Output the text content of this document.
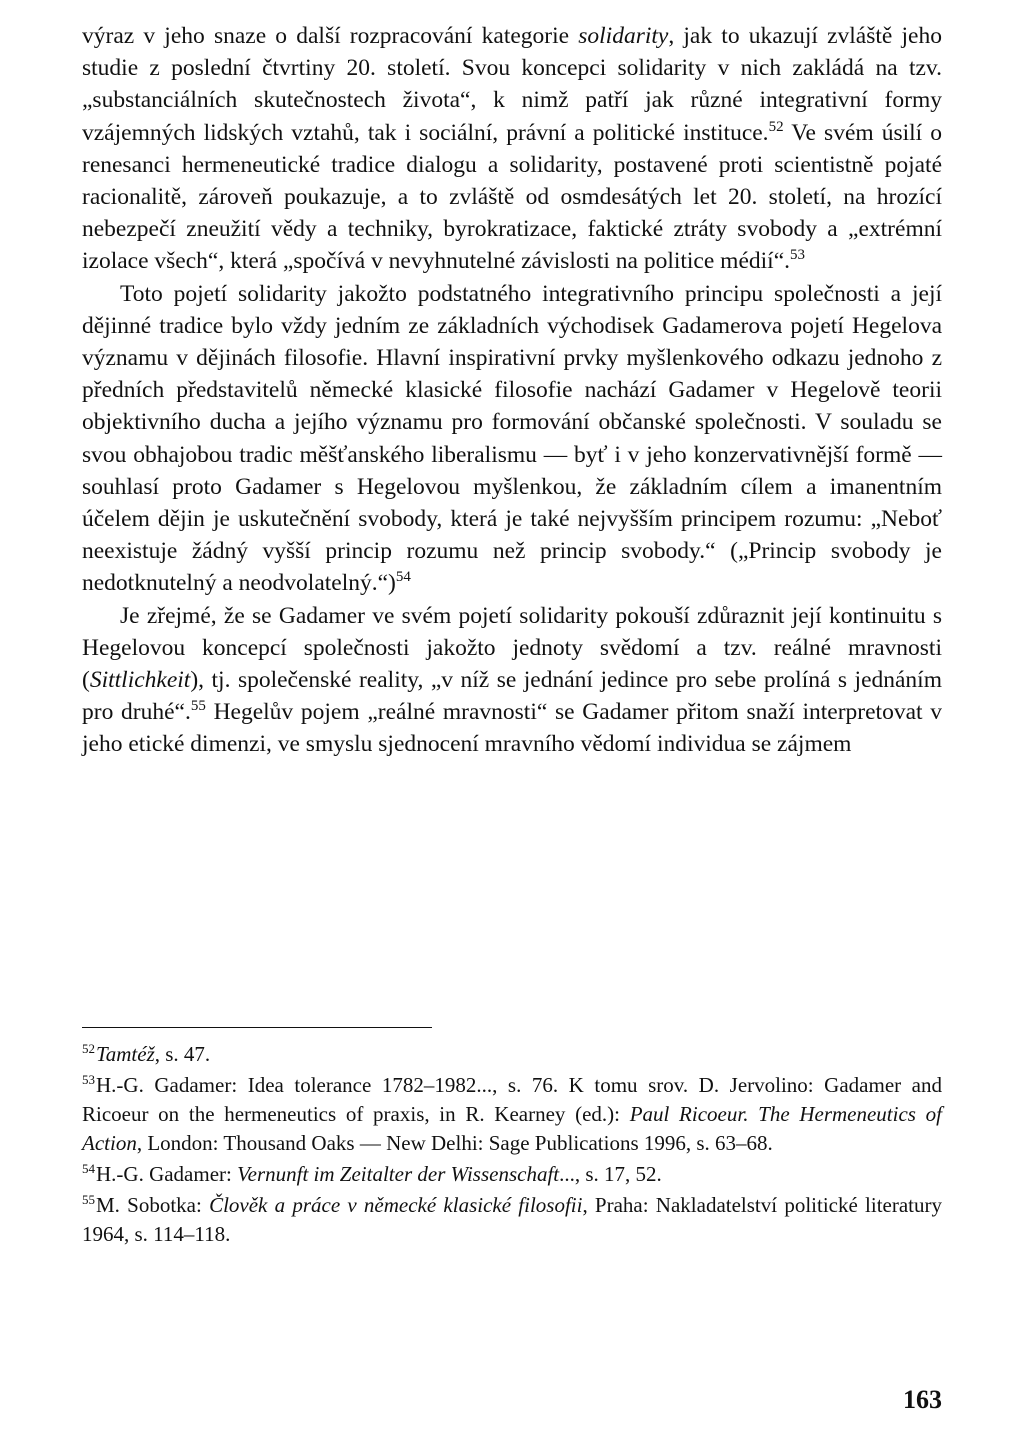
výraz v jeho snaze o další rozpracování kategorie solidarity, jak to ukazují zvláště jeho studie z poslední čtvrtiny 20. století. Svou koncepci solidarity v nich zakládá na tzv. „substanciálních skutečnostech života“, k nimž patří jak různé integrativní formy vzájemných lidských vztahů, tak i sociální, právní a politické instituce.$^{52}$ Ve svém úsilí o renesanci hermeneutické tradice dialogu a solidarity, postavené proti scientistně pojaté racionalitě, zároveň poukazuje, a to zvláště od osmdesátých let 20. století, na hrozící nebezpečí zneužití vědy a techniky, byrokratizace, faktické ztráty svobody a „extrémní izolace všech“, která „spočívá v nevyhnutelné závislosti na politice médií“.$^{53}$

Toto pojetí solidarity jakožto podstatného integrativního principu společnosti a její dějinné tradice bylo vždy jedním ze základních východisek Gadamerova pojetí Hegelova významu v dějinách filosofie. Hlavní inspirativní prvky myšlenkového odkazu jednoho z předních představitelů německé klasické filosofie nachází Gadamer v Hegelově teorii objektivního ducha a jejího významu pro formování občanské společnosti. V souladu se svou obhajobou tradic měšťanského liberalismu — byť i v jeho konzervativnější formě — souhlasí proto Gadamer s Hegelovou myšlenkou, že základním cílem a imanentním účelem dějin je uskutečnění svobody, která je také nejvyšším principem rozumu: „Neboť neexistuje žádný vyšší princip rozumu než princip svobody.“ („Princip svobody je nedotknutelný a neodvolatelný.“)$^{54}$

Je zřejmé, že se Gadamer ve svém pojetí solidarity pokouší zdůraznit její kontinuitu s Hegelovou koncepcí společnosti jakožto jednoty svědomí a tzv. reálné mravnosti (Sittlichkeit), tj. společenské reality, „v níž se jednání jedince pro sebe prolíná s jednáním pro druhé“.$^{55}$ Hegelův pojem „reálné mravnosti“ se Gadamer přitom snaží interpretovat v jeho etické dimenzi, ve smyslu sjednocení mravního vědomí individua se zájmem

$^{52}$Tamtéž, s. 47.

$^{53}$H.-G. Gadamer: Idea tolerance 1782–1982..., s. 76. K tomu srov. D. Jervolino: Gadamer and Ricoeur on the hermeneutics of praxis, in R. Kearney (ed.): Paul Ricoeur. The Hermeneutics of Action, London: Thousand Oaks — New Delhi: Sage Publications 1996, s. 63–68.

$^{54}$H.-G. Gadamer: Vernunft im Zeitalter der Wissenschaft..., s. 17, 52.

$^{55}$M. Sobotka: Člověk a práce v německé klasické filosofii, Praha: Nakladatelství politické literatury 1964, s. 114–118.

163
